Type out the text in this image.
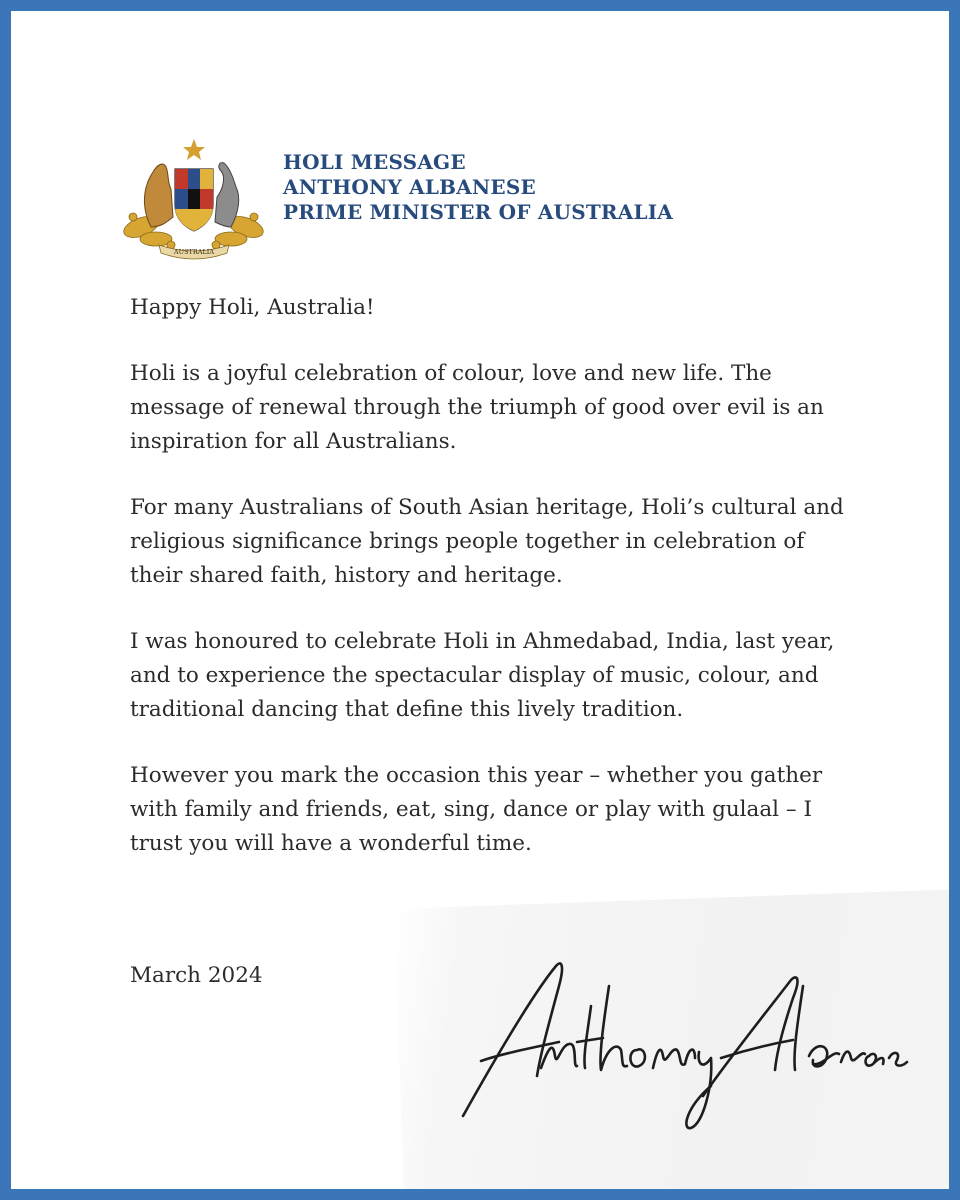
AUSTRALIA
HOLI MESSAGE
ANTHONY ALBANESE
PRIME MINISTER OF AUSTRALIA

Happy Holi, Australia!

Holi is a joyful celebration of colour, love and new life. The message of renewal through the triumph of good over evil is an inspiration for all Australians.

For many Australians of South Asian heritage, Holi’s cultural and religious significance brings people together in celebration of their shared faith, history and heritage.

I was honoured to celebrate Holi in Ahmedabad, India, last year, and to experience the spectacular display of music, colour, and traditional dancing that define this lively tradition.

However you mark the occasion this year – whether you gather with family and friends, eat, sing, dance or play with gulaal – I trust you will have a wonderful time.

March 2024
Anthony Albanese
